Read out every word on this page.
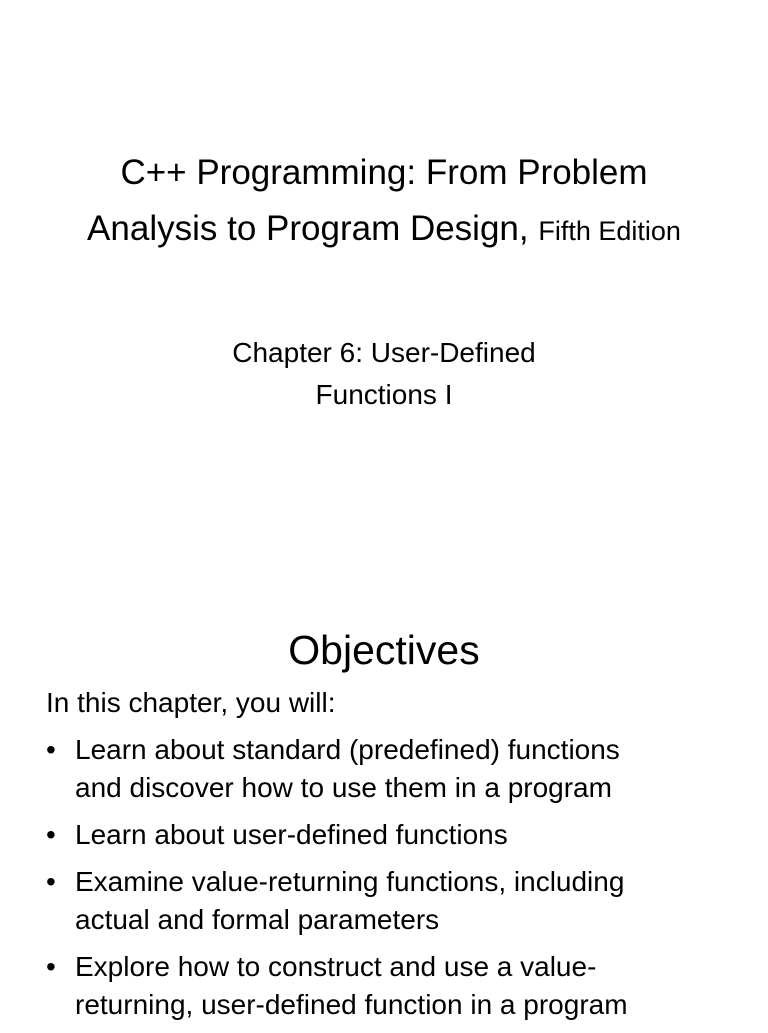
C++ Programming: From Problem
Analysis to Program Design, Fifth Edition
Chapter 6: User-Defined
Functions I
Objectives
In this chapter, you will:
• Learn about standard (predefined) functions
and discover how to use them in a program
• Learn about user-defined functions
• Examine value-returning functions, including
actual and formal parameters
• Explore how to construct and use a value-
returning, user-defined function in a program
